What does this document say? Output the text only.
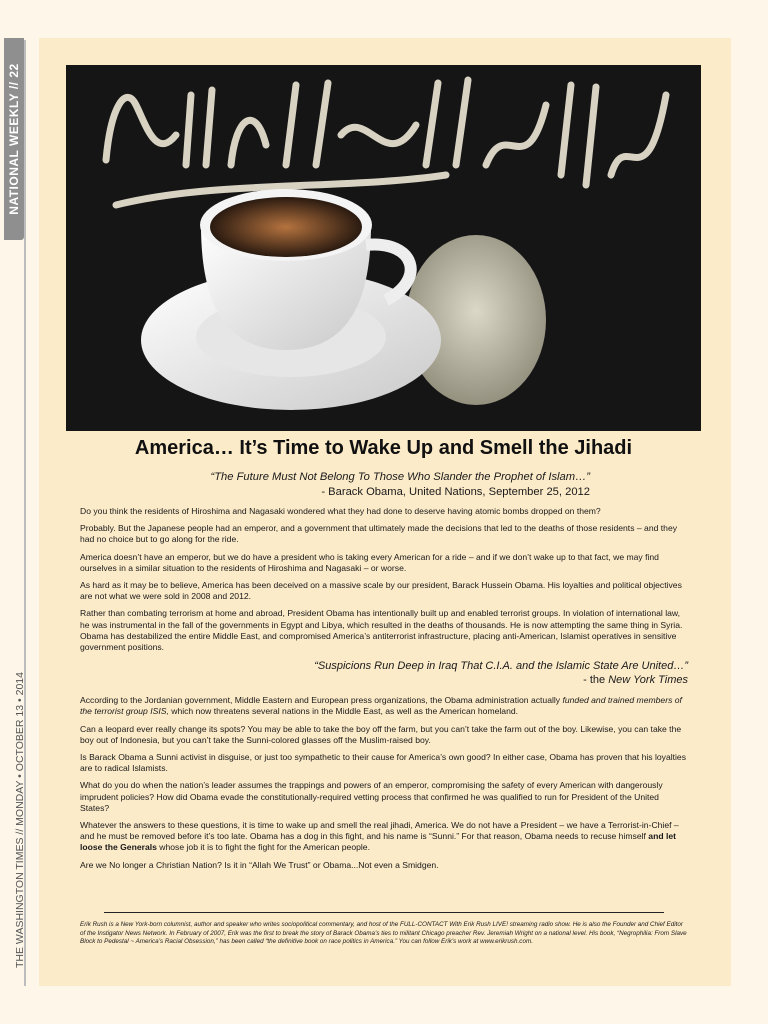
NATIONAL WEEKLY // 22
THE WASHINGTON TIMES // MONDAY • OCTOBER 13 • 2014
America… It’s Time to Wake Up and Smell the Jihadi
“The Future Must Not Belong To Those Who Slander the Prophet of Islam…”
- Barack Obama, United Nations, September 25, 2012

Do you think the residents of Hiroshima and Nagasaki wondered what they had done to deserve having atomic bombs dropped on them?

Probably. But the Japanese people had an emperor, and a government that ultimately made the decisions that led to the deaths of those residents – and they had no choice but to go along for the ride.

America doesn’t have an emperor, but we do have a president who is taking every American for a ride – and if we don’t wake up to that fact, we may find ourselves in a similar situation to the residents of Hiroshima and Nagasaki – or worse.

As hard as it may be to believe, America has been deceived on a massive scale by our president, Barack Hussein Obama. His loyalties and political objectives are not what we were sold in 2008 and 2012.

Rather than combating terrorism at home and abroad, President Obama has intentionally built up and enabled terrorist groups. In violation of international law, he was instrumental in the fall of the governments in Egypt and Libya, which resulted in the deaths of thousands. He is now attempting the same thing in Syria. Obama has destabilized the entire Middle East, and compromised America’s antiterrorist infrastructure, placing anti-American, Islamist operatives in sensitive government positions.

“Suspicions Run Deep in Iraq That C.I.A. and the Islamic State Are United…”
- the New York Times

According to the Jordanian government, Middle Eastern and European press organizations, the Obama administration actually funded and trained members of the terrorist group ISIS, which now threatens several nations in the Middle East, as well as the American homeland.

Can a leopard ever really change its spots? You may be able to take the boy off the farm, but you can’t take the farm out of the boy. Likewise, you can take the boy out of Indonesia, but you can’t take the Sunni-colored glasses off the Muslim-raised boy.

Is Barack Obama a Sunni activist in disguise, or just too sympathetic to their cause for America’s own good? In either case, Obama has proven that his loyalties are to radical Islamists.

What do you do when the nation’s leader assumes the trappings and powers of an emperor, compromising the safety of every American with dangerously imprudent policies? How did Obama evade the constitutionally-required vetting process that confirmed he was qualified to run for President of the United States?

Whatever the answers to these questions, it is time to wake up and smell the real jihadi, America. We do not have a President – we have a Terrorist-in-Chief – and he must be removed before it’s too late. Obama has a dog in this fight, and his name is “Sunni.” For that reason, Obama needs to recuse himself and let loose the Generals whose job it is to fight the fight for the American people.

Are we No longer a Christian Nation? Is it in “Allah We Trust” or Obama...Not even a Smidgen.

Erik Rush is a New York-born columnist, author and speaker who writes sociopolitical commentary, and host of the FULL-CONTACT With Erik Rush LIVE! streaming radio show. He is also the Founder and Chief Editor of the Instigator News Network. In February of 2007, Erik was the first to break the story of Barack Obama’s ties to militant Chicago preacher Rev. Jeremiah Wright on a national level. His book, “Negrophilia: From Slave Block to Pedestal ~ America’s Racial Obsession,” has been called “the definitive book on race politics in America.” You can follow Erik’s work at www.erikrush.com.
